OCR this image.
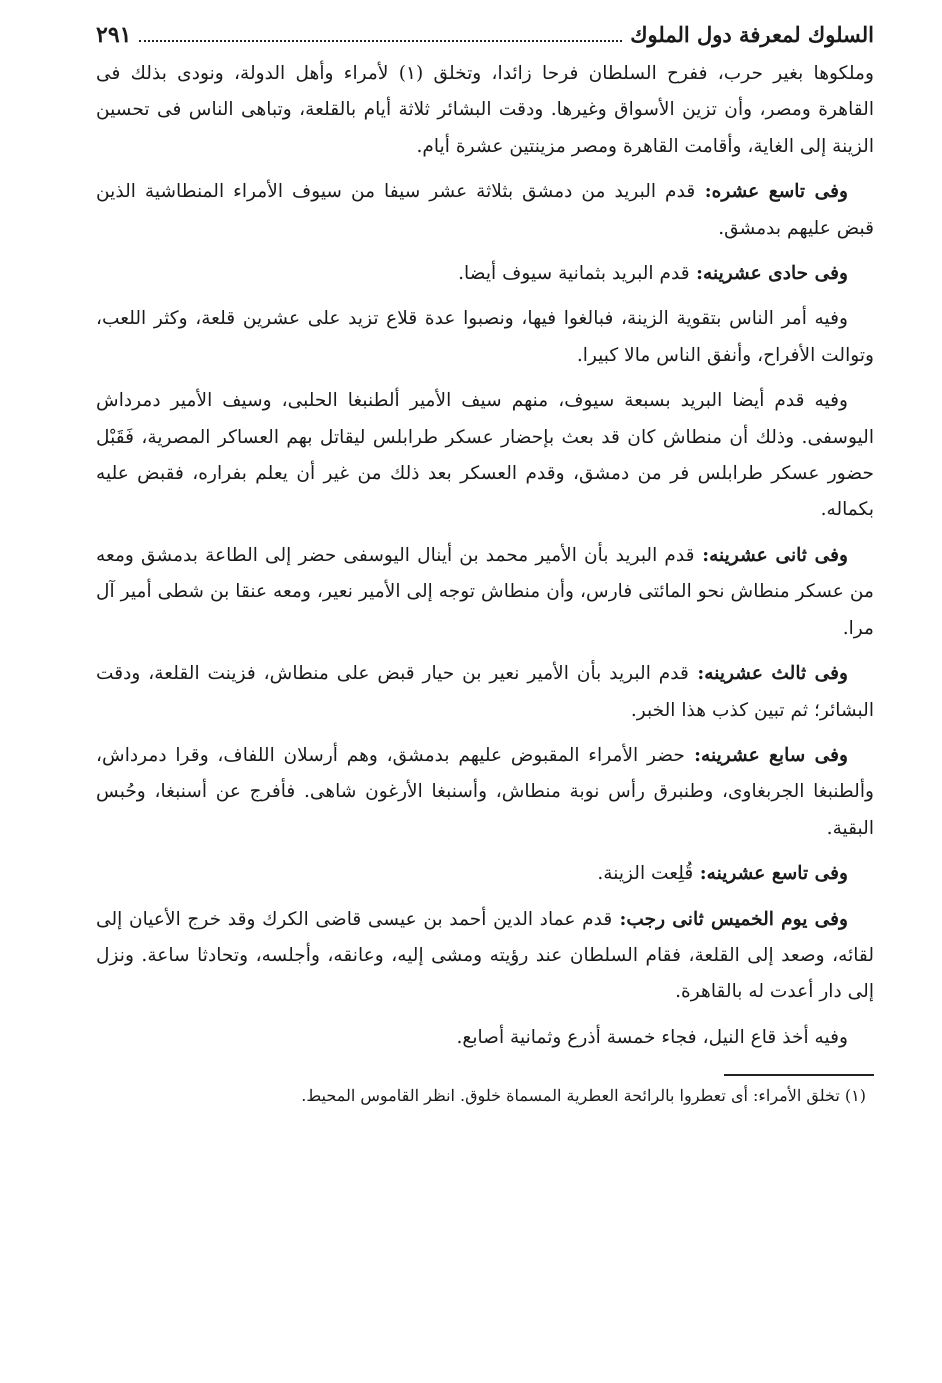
السلوك لمعرفة دول الملوك
٢٩١

وملكوها بغير حرب، ففرح السلطان فرحا زائدا، وتخلق (١) لأمراء وأهل الدولة، ونودى بذلك فى القاهرة ومصر، وأن تزين الأسواق وغيرها. ودقت البشائر ثلاثة أيام بالقلعة، وتباهى الناس فى تحسين الزينة إلى الغاية، وأقامت القاهرة ومصر مزينتين عشرة أيام.

وفى تاسع عشره: قدم البريد من دمشق بثلاثة عشر سيفا من سيوف الأمراء المنطاشية الذين قبض عليهم بدمشق.

وفى حادى عشرينه: قدم البريد بثمانية سيوف أيضا.

وفيه أمر الناس بتقوية الزينة، فبالغوا فيها، ونصبوا عدة قلاع تزيد على عشرين قلعة، وكثر اللعب، وتوالت الأفراح، وأنفق الناس مالا كبيرا.

وفيه قدم أيضا البريد بسبعة سيوف، منهم سيف الأمير ألطنبغا الحلبى، وسيف الأمير دمرداش اليوسفى. وذلك أن منطاش كان قد بعث بإحضار عسكر طرابلس ليقاتل بهم العساكر المصرية، فَقَبْل حضور عسكر طرابلس فر من دمشق، وقدم العسكر بعد ذلك من غير أن يعلم بفراره، فقبض عليه بكماله.

وفى ثانى عشرينه: قدم البريد بأن الأمير محمد بن أينال اليوسفى حضر إلى الطاعة بدمشق ومعه من عسكر منطاش نحو المائتى فارس، وأن منطاش توجه إلى الأمير نعير، ومعه عنقا بن شطى أمير آل مرا.

وفى ثالث عشرينه: قدم البريد بأن الأمير نعير بن حيار قبض على منطاش، فزينت القلعة، ودقت البشائر؛ ثم تبين كذب هذا الخبر.

وفى سابع عشرينه: حضر الأمراء المقبوض عليهم بدمشق، وهم أرسلان اللفاف، وقرا دمرداش، وألطنبغا الجربغاوى، وطنبرق رأس نوبة منطاش، وأسنبغا الأرغون شاهى. فأفرج عن أسنبغا، وحُبس البقية.

وفى تاسع عشرينه: قُلِعت الزينة.

وفى يوم الخميس ثانى رجب: قدم عماد الدين أحمد بن عيسى قاضى الكرك وقد خرج الأعيان إلى لقائه، وصعد إلى القلعة، فقام السلطان عند رؤيته ومشى إليه، وعانقه، وأجلسه، وتحادثا ساعة. ونزل إلى دار أعدت له بالقاهرة.

وفيه أخذ قاع النيل، فجاء خمسة أذرع وثمانية أصابع.

(١) تخلق الأمراء: أى تعطروا بالرائحة العطرية المسماة خلوق. انظر القاموس المحيط.
